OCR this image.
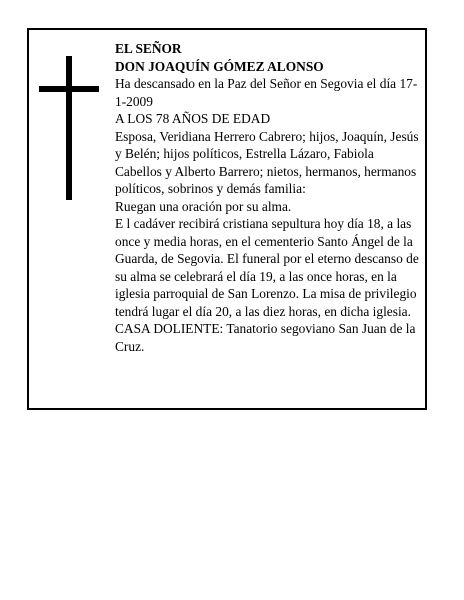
EL SEÑOR

DON JOAQUÍN GÓMEZ ALONSO

Ha descansado en la Paz del Señor en Segovia el día 17-1-2009

A LOS 78 AÑOS DE EDAD

Esposa, Veridiana Herrero Cabrero; hijos, Joaquín, Jesús y Belén; hijos políticos, Estrella Lázaro, Fabiola Cabellos y Alberto Barrero; nietos, hermanos, hermanos políticos, sobrinos y demás familia:

Ruegan una oración por su alma.

E l cadáver recibirá cristiana sepultura hoy día 18, a las once y media horas, en el cementerio Santo Ángel de la Guarda, de Segovia. El funeral por el eterno descanso de su alma se celebrará el día 19, a las once horas, en la iglesia parroquial de San Lorenzo. La misa de privilegio tendrá lugar el día 20, a las diez horas, en dicha iglesia.

CASA DOLIENTE: Tanatorio segoviano San Juan de la Cruz.
